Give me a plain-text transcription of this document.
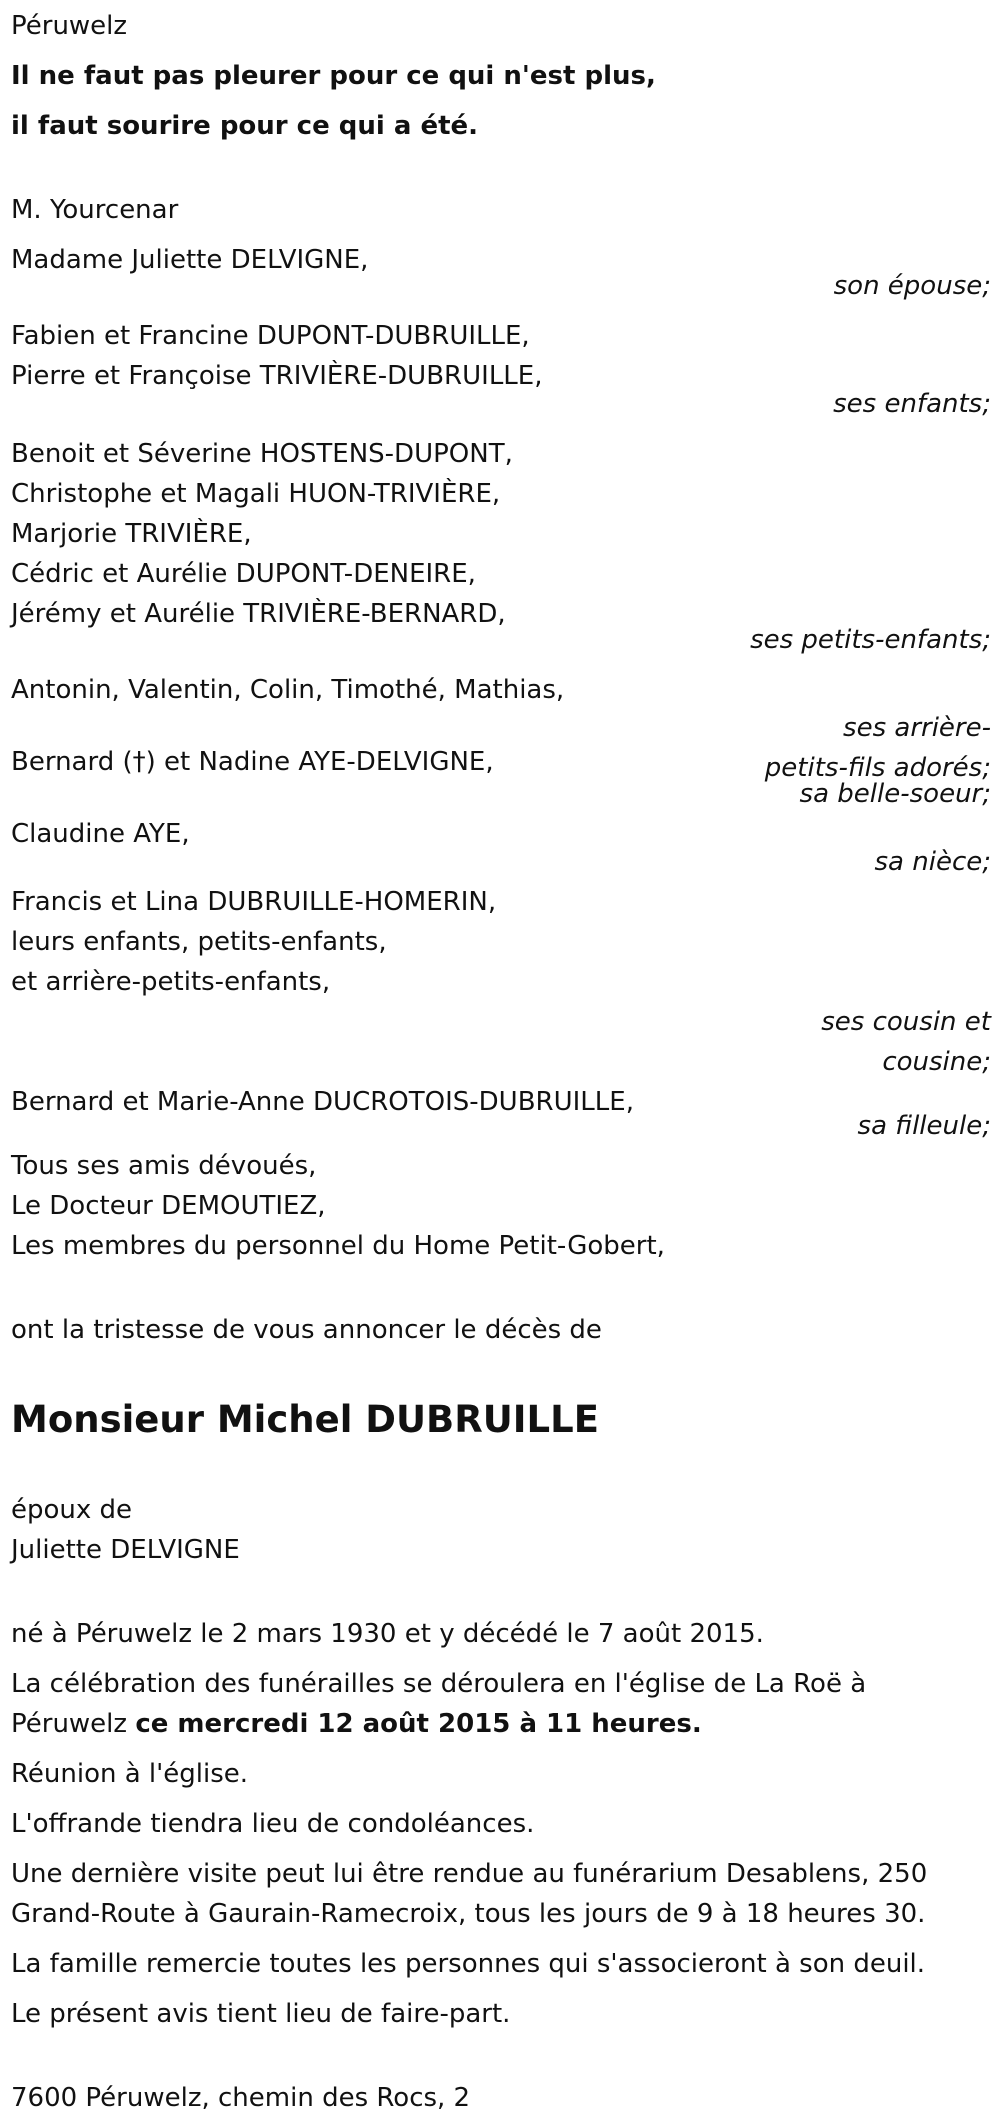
Péruwelz
Il ne faut pas pleurer pour ce qui n'est plus,
il faut sourire pour ce qui a été.
M. Yourcenar
Madame Juliette DELVIGNE,
son épouse;
Fabien et Francine DUPONT-DUBRUILLE,
Pierre et Françoise TRIVIÈRE-DUBRUILLE,
ses enfants;
Benoit et Séverine HOSTENS-DUPONT,
Christophe et Magali HUON-TRIVIÈRE,
Marjorie TRIVIÈRE,
Cédric et Aurélie DUPONT-DENEIRE,
Jérémy et Aurélie TRIVIÈRE-BERNARD,
ses petits-enfants;
Antonin, Valentin, Colin, Timothé, Mathias,
ses arrière-
petits-fils adorés;
Bernard (†) et Nadine AYE-DELVIGNE,
sa belle-soeur;
Claudine AYE,
sa nièce;
Francis et Lina DUBRUILLE-HOMERIN,
leurs enfants, petits-enfants,
et arrière-petits-enfants,
ses cousin et
cousine;
Bernard et Marie-Anne DUCROTOIS-DUBRUILLE,
sa filleule;
Tous ses amis dévoués,
Le Docteur DEMOUTIEZ,
Les membres du personnel du Home Petit-Gobert,
ont la tristesse de vous annoncer le décès de
Monsieur Michel DUBRUILLE
époux de
Juliette DELVIGNE
né à Péruwelz le 2 mars 1930 et y décédé le 7 août 2015.
La célébration des funérailles se déroulera en l'église de La Roë à
Péruwelz ce mercredi 12 août 2015 à 11 heures.
Réunion à l'église.
L'offrande tiendra lieu de condoléances.
Une dernière visite peut lui être rendue au funérarium Desablens, 250
Grand-Route à Gaurain-Ramecroix, tous les jours de 9 à 18 heures 30.
La famille remercie toutes les personnes qui s'associeront à son deuil.
Le présent avis tient lieu de faire-part.
7600 Péruwelz, chemin des Rocs, 2
